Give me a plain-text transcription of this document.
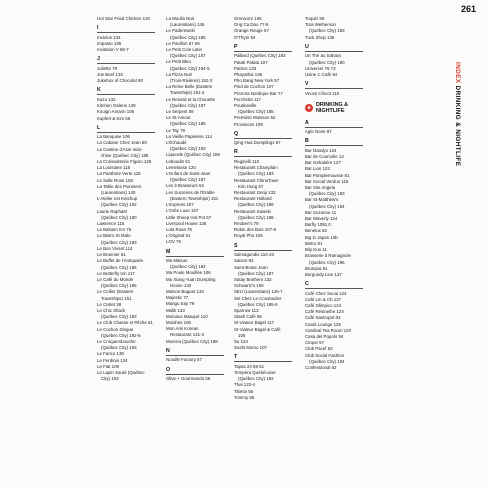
261
Hot Star Fried Chicken 132
I
Invictus 133
Impasto 135
Invitation V 56-7
J
Joliette 79
Joe Beef 133
Jukebox of Chocolat 90
K
Kazu 132
Kitchen Galerie 139
Kouign Amann 106
Kupfert & Kim 56
L
La Banquise 106
La Cabane Chez Jean 69
La Cantine d'Asie Indo-
chine (Québec City) 185
La Croissanterie Figaro 128
La Louisiane 115
La Panthère Verte 115
Le Salle Rose 106
La Table des Pionniers
(Laurentians) 145
L'Atelier est Ketchup
(Québec City) 192
Laurie Raphaël
(Québec City) 190
Lawrence 115
Le Balsam Inn 75
Le Bistro St Malo
(Québec City) 183
Le Bon Vivant 114
Le Brunnier 61
Le Buffet de l'Antiquaire
(Québec City) 185
Le Butterfly Inn 117
Le Café du Monde
(Québec City) 186
Le Cellier (Eastern
Townships) 151
Le Cartet 38
Le Chic Shack
(Québec City) 183
Le Club Chasse et Pêche 61
Le Cochon Dingue
(Québec City) 192-6
Le Croquembouche
(Québec City) 193
Le Fanco 138
Le Ferdinia 134
Le Fiat 109
Le Lapin Sauté (Québec
City) 183
La Moulin Noir
(Laurentians) 146
Le Paderewski
(Québec City) 185
Le Pavillon 67 69
Le Petit Coin Latin
(Québec City) 187
Le Petit Bleu
(Québec City) 194-5
La Pizza Noir
(Trois-Rivières) 152-3
La Reine Belle (Eastern
Townships) 151-2
Le Renard et la Chouette
(Québec City) 187
Le Serpent 59
Le St-Amour
(Québec City) 185
Le Tay 79
La Vieille Papeterie 114
L'Échaudé
(Québec City) 183
Liquerde (Québec City) 186
Leboudin 61
Lemelasse 120
L'Enfant de Saint-Jean
(Québec City) 187
Les 3 Brasseurs 54
Les Sucreries de l'Érable
(Eastern Townships) 151
L'Express 107
L'Orée Luxe 107
Little Sheep Hot Pot 57
Liverpool House 135
Lola Rosa 79
L'Original 61
LOV 76
M
Ma Maison
(Québec City) 192
Ma Poule Mouillée 106
Ma Xiang Yuan Dumpling
House 132
Maison Baguet 134
Majestic 77
Mangu Say 79
Malik 133
Moinaux Masqué 110
Moishes 106
Mon Ami Korean
Restaurant 131-3
Morena (Québec City) 188
N
Noodle Factory 57
O
Olive + Gourmando 56
Omnivore 106
Ong Ca Dao 77-8
Orange Rouge 57
O'Thym 94
P
Paillard (Québec City) 183
Patati Patata 107
Patrice 133
Phayathai 135
Pho Bang New York 57
Pied de Cochon 107
Pizzeria Nordique Bar 77
Porchetta 117
Poutineville
(Québec City) 185
Première Moisson 52
Provisions 109
Q
Qing Hua Dumplings 57
R
Reginelli 110
Restaurant Champlain
(Québec City) 183
Restaurant ChinaTown
Kim Hung 57
Restaurant Genji 133
Restaurant Holland
(Québec City) 188
Restaurant Kaiseki
(Québec City) 188
Reuben's 79
Robin des Bois 107-8
Royal Pho 106
S
Salmagundis 110-23
Saison 94
Saint-Bonte Jean
(Québec City) 187
Satay Brothers 132
Schwartz's 106
SEU (Laurentians) 146-7
Sel Chez Le Coustoulier
(Québec City) 185-6
Sparrow 113
Stash Café 56
St-Viateur Bagel 117
St-Viateur Bagel & Café
106
Su 134
Sushi Momo 107
T
Tapas 24 59 61
Tempéra Québécoise
(Québec City) 192
Thai 123-4
Tibetin 56
Tommy 55
Toqué! 59
Tora Wetherson
(Québec City) 183
Tuck Shop 135
U
Un Thé au Sahara
(Québec City) 190
Universel 76 73
Usine C Café 94
V
Veuve Chicot 115
♣
DRINKING &
NIGHTLIFE
A
Agle Noire 97
B
Bar Dandys 124
Bar de Courcelle 13
Bar Gehatière 127
Bar Lion 122
Bar Pamplemousse 81
Bar Social Verdun 115
Bar Sits Angela
(Québec City) 193
Bar St-Matthew's
(Québec City) 194
Bar Suzanne 11
Bar Waverly 124
Barfly 1081.0
Benelux 82
Big in Japan 10b
Bistro 91
Bily Kun 11
Brasserie à Ramagnole
(Québec City) 196
Brutopia 81
Burgundy Lion 137
C
Café Chez Sucai 124
Café Lm & Cb 127
Café Olimpico 124
Café Résinethe 124
Café Santropol 83
Candi Lounge 125
Cardinal Tea Room 120
Casa del Popolo 94
Cirque 57
Club Pacef 63
Club Social Fashion
(Québec City) 194
Confessional 62
INDEX DRINKING & NIGHTLIFE
